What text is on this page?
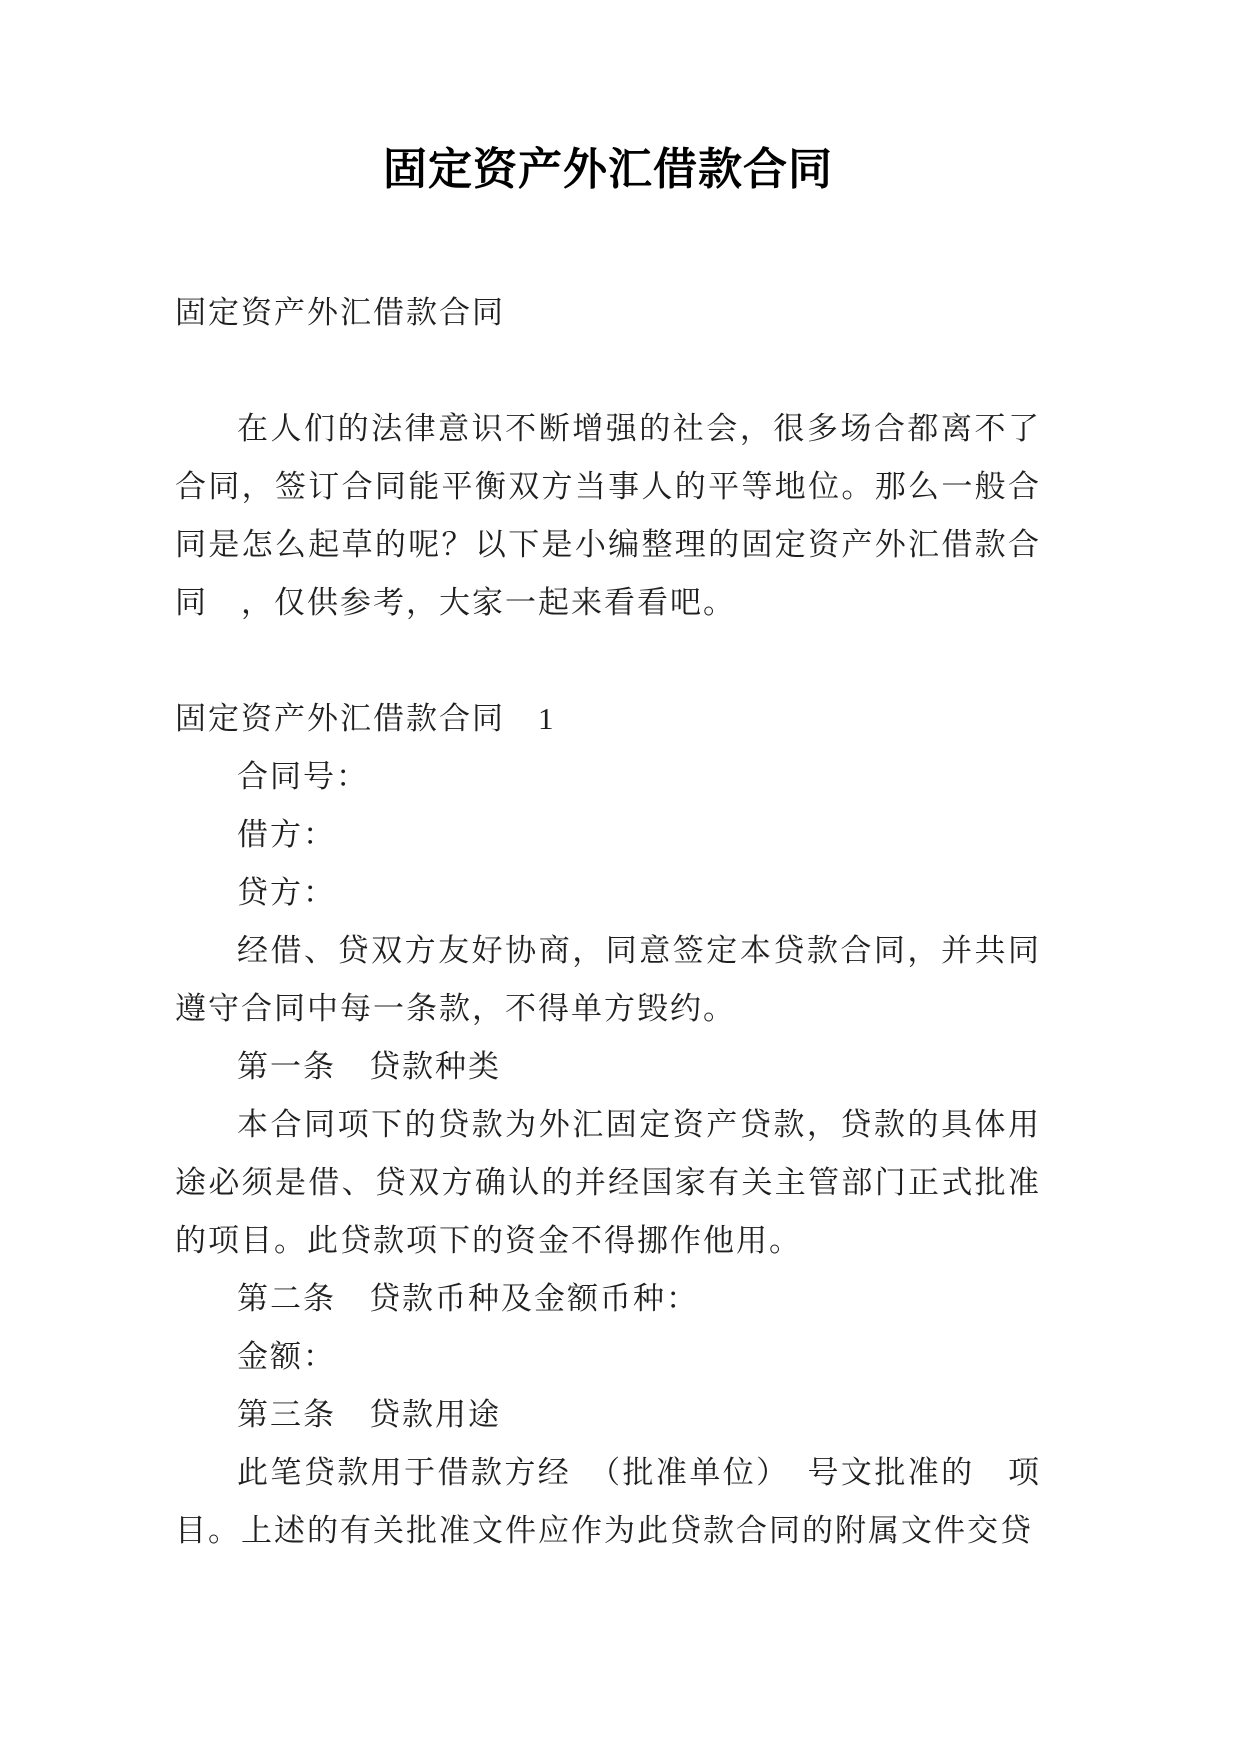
固定资产外汇借款合同

固定资产外汇借款合同

在人们的法律意识不断增强的社会，很多场合都离不了合同，签订合同能平衡双方当事人的平等地位。那么一般合同是怎么起草的呢？以下是小编整理的固定资产外汇借款合同　，仅供参考，大家一起来看看吧。

固定资产外汇借款合同　1

合同号：

借方：

贷方：

经借、贷双方友好协商，同意签定本贷款合同，并共同遵守合同中每一条款，不得单方毁约。

第一条　贷款种类

本合同项下的贷款为外汇固定资产贷款，贷款的具体用途必须是借、贷双方确认的并经国家有关主管部门正式批准的项目。此贷款项下的资金不得挪作他用。

第二条　贷款币种及金额币种：

金额：

第三条　贷款用途

此笔贷款用于借款方经　（批准单位）　号文批准的　项目。上述的有关批准文件应作为此贷款合同的附属文件交贷
